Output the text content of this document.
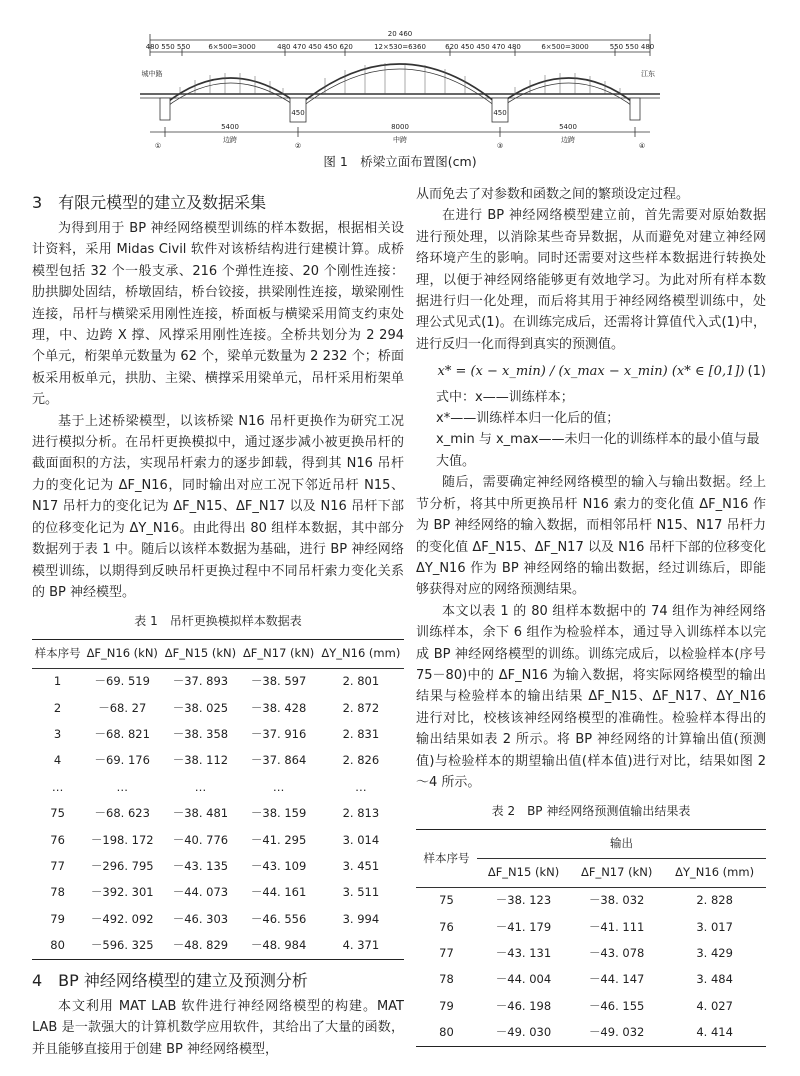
20 460
480 550 550	6×500=3000	480 470 450 450 620	12×530=6360	620 450 450 470 480	6×500=3000	550 550 480
5400
450
8000
450
5400
边跨	中跨	边跨
①	②	③	④
城中路	江东
图 1　桥梁立面布置图(cm)
3　有限元模型的建立及数据采集

为得到用于 BP 神经网络模型训练的样本数据，根据相关设计资料，采用 Midas Civil 软件对该桥结构进行建模计算。成桥模型包括 32 个一般支承、216 个弹性连接、20 个刚性连接：肋拱脚处固结，桥墩固结，桥台铰接，拱梁刚性连接，墩梁刚性连接，吊杆与横梁采用刚性连接，桥面板与横梁采用简支约束处理，中、边跨 X 撑、风撑采用刚性连接。全桥共划分为 2 294 个单元，桁架单元数量为 62 个，梁单元数量为 2 232 个；桥面板采用板单元，拱肋、主梁、横撑采用梁单元，吊杆采用桁架单元。

基于上述桥梁模型，以该桥梁 N16 吊杆更换作为研究工况进行模拟分析。在吊杆更换模拟中，通过逐步减小被更换吊杆的截面面积的方法，实现吊杆索力的逐步卸载，得到其 N16 吊杆力的变化记为 ΔF_N16，同时输出对应工况下邻近吊杆 N15、N17 吊杆力的变化记为 ΔF_N15、ΔF_N17 以及 N16 吊杆下部的位移变化记为 ΔY_N16。由此得出 80 组样本数据，其中部分数据列于表 1 中。随后以该样本数据为基础，进行 BP 神经网络模型训练，以期得到反映吊杆更换过程中不同吊杆索力变化关系的 BP 神经模型。

表 1　吊杆更换模拟样本数据表
样本序号	ΔF_N16 (kN)	ΔF_N15 (kN)	ΔF_N17 (kN)	ΔY_N16 (mm)
1	－69. 519	－37. 893	－38. 597	2. 801
2	－68. 27	－38. 025	－38. 428	2. 872
3	－68. 821	－38. 358	－37. 916	2. 831
4	－69. 176	－38. 112	－37. 864	2. 826
…	…	…	…	…
75	－68. 623	－38. 481	－38. 159	2. 813
76	－198. 172	－40. 776	－41. 295	3. 014
77	－296. 795	－43. 135	－43. 109	3. 451
78	－392. 301	－44. 073	－44. 161	3. 511
79	－492. 092	－46. 303	－46. 556	3. 994
80	－596. 325	－48. 829	－48. 984	4. 371
4　BP 神经网络模型的建立及预测分析

本文利用 MAT LAB 软件进行神经网络模型的构建。MAT LAB 是一款强大的计算机数学应用软件，其给出了大量的函数，并且能够直接用于创建 BP 神经网络模型，

从而免去了对参数和函数之间的繁琐设定过程。

在进行 BP 神经网络模型建立前，首先需要对原始数据进行预处理，以消除某些奇异数据，从而避免对建立神经网络环境产生的影响。同时还需要对这些样本数据进行转换处理，以便于神经网络能够更有效地学习。为此对所有样本数据进行归一化处理，而后将其用于神经网络模型训练中，处理公式见式(1)。在训练完成后，还需将计算值代入式(1)中，进行反归一化而得到真实的预测值。

x* = (x − x_min) / (x_max − x_min) (x* ∈ [0,1]) (1)
式中：x——训练样本；
x*——训练样本归一化后的值；
x_min 与 x_max——未归一化的训练样本的最小值与最大值。

随后，需要确定神经网络模型的输入与输出数据。经上节分析，将其中所更换吊杆 N16 索力的变化值 ΔF_N16 作为 BP 神经网络的输入数据，而相邻吊杆 N15、N17 吊杆力的变化值 ΔF_N15、ΔF_N17 以及 N16 吊杆下部的位移变化 ΔY_N16 作为 BP 神经网络的输出数据，经过训练后，即能够获得对应的网络预测结果。

本文以表 1 的 80 组样本数据中的 74 组作为神经网络训练样本，余下 6 组作为检验样本，通过导入训练样本以完成 BP 神经网络模型的训练。训练完成后，以检验样本(序号 75－80)中的 ΔF_N16 为输入数据，将实际网络模型的输出结果与检验样本的输出结果 ΔF_N15、ΔF_N17、ΔY_N16 进行对比，校核该神经网络模型的准确性。检验样本得出的输出结果如表 2 所示。将 BP 神经网络的计算输出值(预测值)与检验样本的期望输出值(样本值)进行对比，结果如图 2～4 所示。

表 2　BP 神经网络预测值输出结果表
样本序号	输出		
	ΔF_N15 (kN)	ΔF_N17 (kN)	ΔY_N16 (mm)
75	－38. 123	－38. 032	2. 828
76	－41. 179	－41. 111	3. 017
77	－43. 131	－43. 078	3. 429
78	－44. 004	－44. 147	3. 484
79	－46. 198	－46. 155	4. 027
80	－49. 030	－49. 032	4. 414
